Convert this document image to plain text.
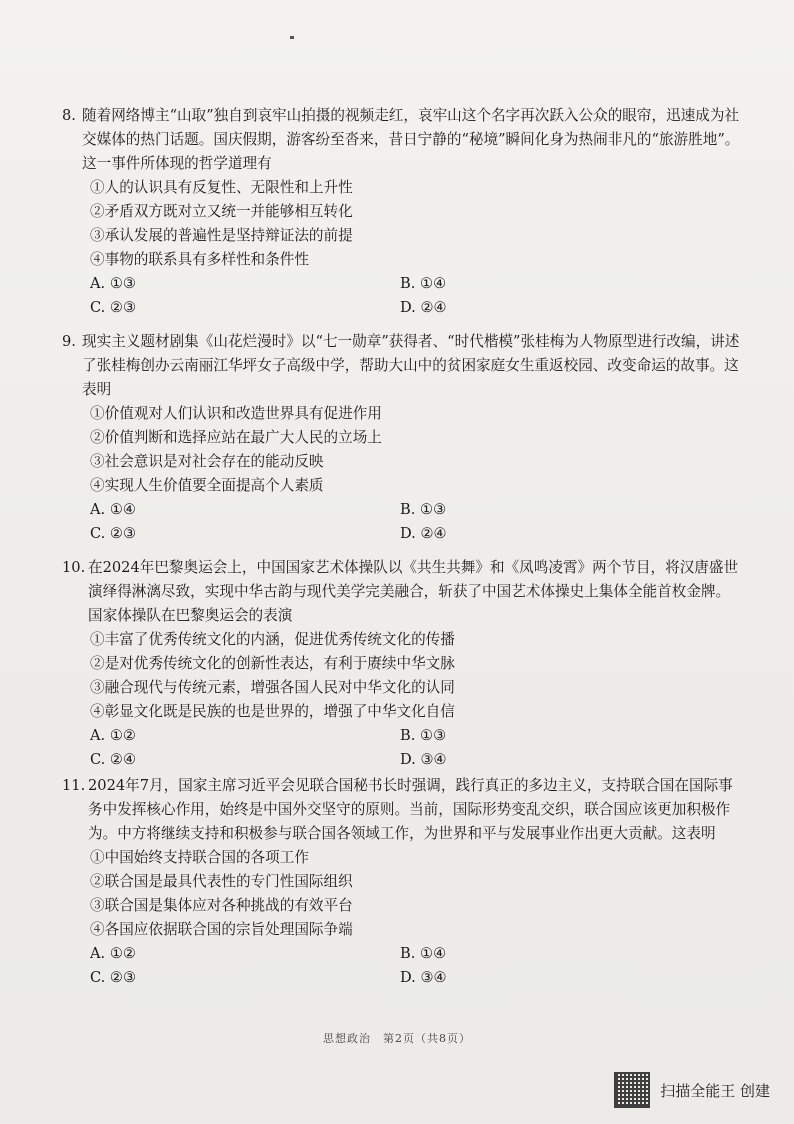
8. 随着网络博主“山取”独自到哀牢山拍摄的视频走红，哀牢山这个名字再次跃入公众的眼帘，迅速成为社交媒体的热门话题。国庆假期，游客纷至沓来，昔日宁静的“秘境”瞬间化身为热闹非凡的“旅游胜地”。这一事件所体现的哲学道理有
①人的认识具有反复性、无限性和上升性
②矛盾双方既对立又统一并能够相互转化
③承认发展的普遍性是坚持辩证法的前提
④事物的联系具有多样性和条件性
A. ①③	B. ①④
C. ②③	D. ②④
9. 现实主义题材剧集《山花烂漫时》以“七一勋章”获得者、“时代楷模”张桂梅为人物原型进行改编，讲述了张桂梅创办云南丽江华坪女子高级中学，帮助大山中的贫困家庭女生重返校园、改变命运的故事。这表明
①价值观对人们认识和改造世界具有促进作用
②价值判断和选择应站在最广大人民的立场上
③社会意识是对社会存在的能动反映
④实现人生价值要全面提高个人素质
A. ①④	B. ①③
C. ②③	D. ②④
10. 在2024年巴黎奥运会上，中国国家艺术体操队以《共生共舞》和《凤鸣凌霄》两个节目，将汉唐盛世演绎得淋漓尽致，实现中华古韵与现代美学完美融合，斩获了中国艺术体操史上集体全能首枚金牌。国家体操队在巴黎奥运会的表演
①丰富了优秀传统文化的内涵，促进优秀传统文化的传播
②是对优秀传统文化的创新性表达，有利于赓续中华文脉
③融合现代与传统元素，增强各国人民对中华文化的认同
④彰显文化既是民族的也是世界的，增强了中华文化自信
A. ①②	B. ①③
C. ②④	D. ③④
11. 2024年7月，国家主席习近平会见联合国秘书长时强调，践行真正的多边主义，支持联合国在国际事务中发挥核心作用，始终是中国外交坚守的原则。当前，国际形势变乱交织，联合国应该更加积极作为。中方将继续支持和积极参与联合国各领域工作，为世界和平与发展事业作出更大贡献。这表明
①中国始终支持联合国的各项工作
②联合国是最具代表性的专门性国际组织
③联合国是集体应对各种挑战的有效平台
④各国应依据联合国的宗旨处理国际争端
A. ①②	B. ①④
C. ②③	D. ③④
思想政治　第2页（共8页）
扫描全能王 创建
